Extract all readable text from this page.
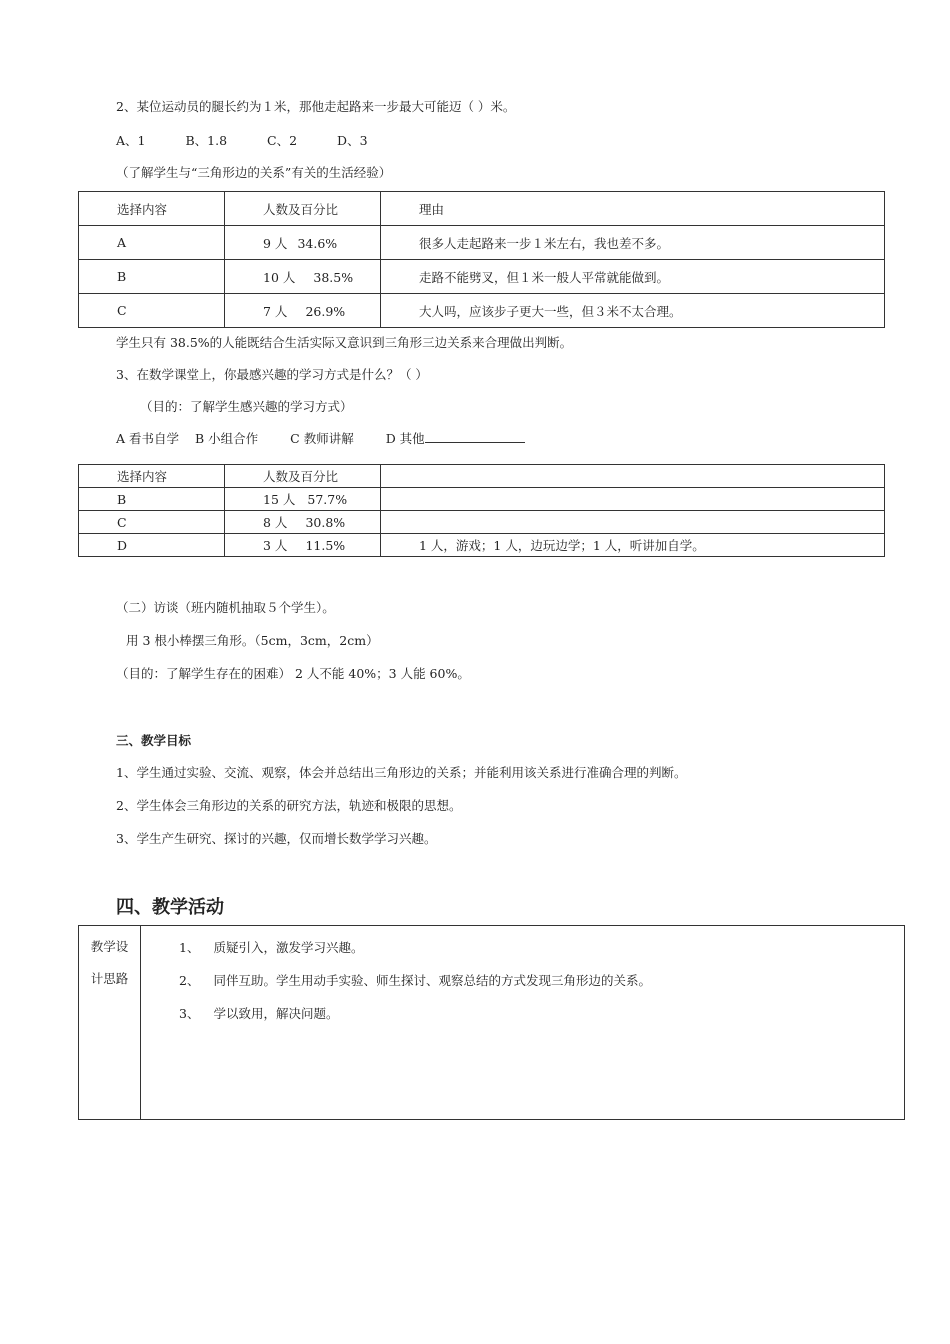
2、某位运动员的腿长约为１米，那他走起路来一步最大可能迈（ ）米。
A、1	B、1.8	C、2	D、3
（了解学生与“三角形边的关系”有关的生活经验）
选择内容	人数及百分比	理由
A	9 人 34.6%	很多人走起路来一步１米左右，我也差不多。
B	10 人 38.5%	走路不能劈叉，但１米一般人平常就能做到。
C	7 人 26.9%	大人吗，应该步子更大一些，但３米不太合理。
学生只有 38.5%的人能既结合生活实际又意识到三角形三边关系来合理做出判断。
3、在数学课堂上，你最感兴趣的学习方式是什么？（ ）
（目的：了解学生感兴趣的学习方式）
A 看书自学 B 小组合作	C 教师讲解	D 其他
选择内容	人数及百分比	
B	15 人 57.7%	
C	8 人 30.8%	
D	3 人 11.5%	1 人，游戏；1 人，边玩边学；1 人，听讲加自学。
（二）访谈（班内随机抽取５个学生）。
用 3 根小棒摆三角形。（5cm，3cm，2cm）
（目的：了解学生存在的困难） 2 人不能 40%；3 人能 60%。
三、教学目标
1、学生通过实验、交流、观察，体会并总结出三角形边的关系；并能利用该关系进行准确合理的判断。
2、学生体会三角形边的关系的研究方法，轨迹和极限的思想。
3、学生产生研究、探讨的兴趣，仅而增长数学学习兴趣。
四、教学活动
教学设
计思路

1、 质疑引入，激发学习兴趣。
2、 同伴互助。学生用动手实验、师生探讨、观察总结的方式发现三角形边的关系。
3、 学以致用，解决问题。
